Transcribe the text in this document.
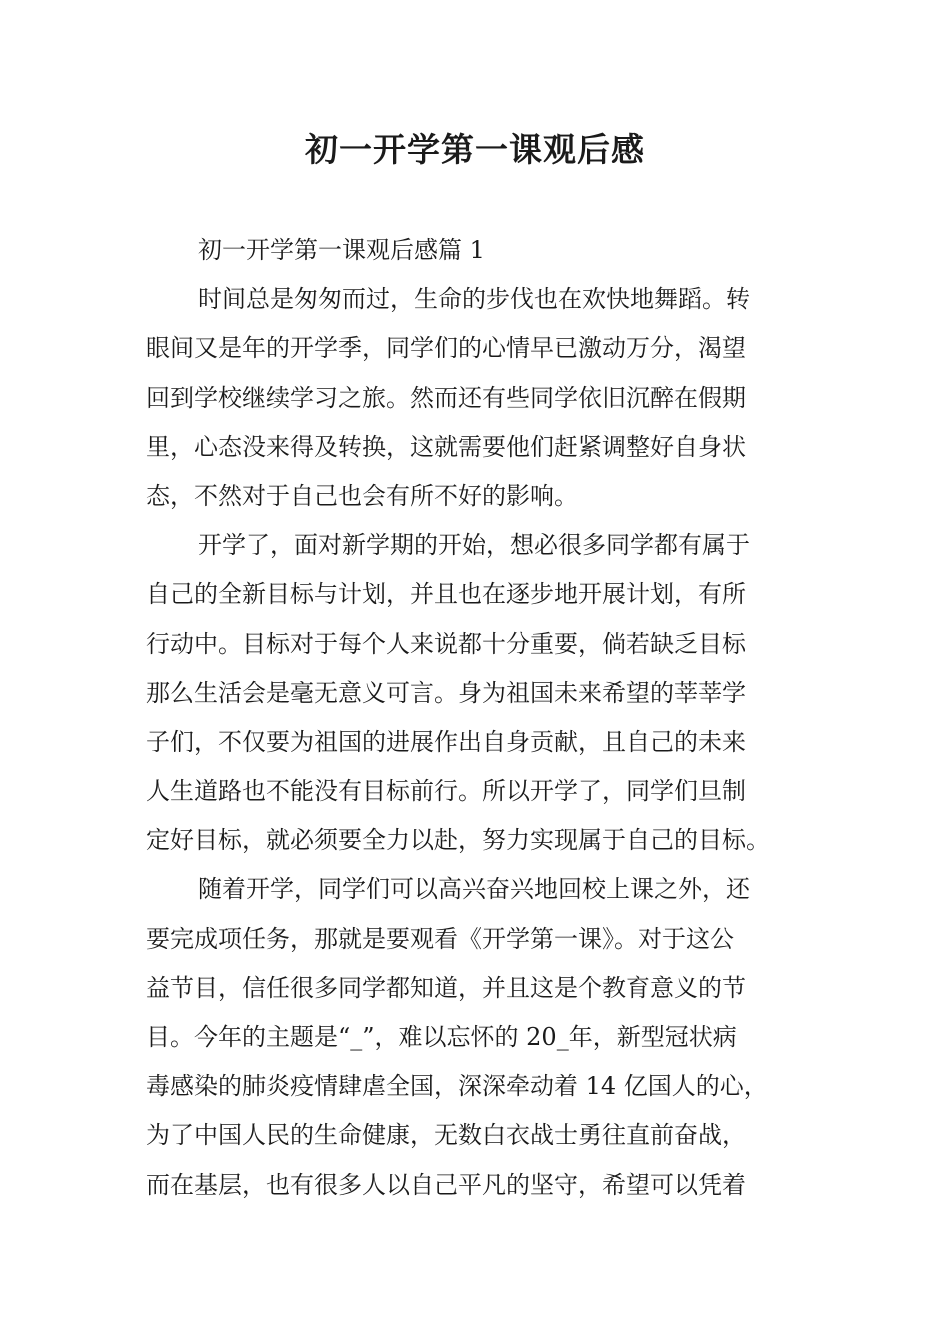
初一开学第一课观后感
初一开学第一课观后感篇 1
时间总是匆匆而过，生命的步伐也在欢快地舞蹈。转
眼间又是年的开学季，同学们的心情早已激动万分，渴望
回到学校继续学习之旅。然而还有些同学依旧沉醉在假期
里，心态没来得及转换，这就需要他们赶紧调整好自身状
态，不然对于自己也会有所不好的影响。
开学了，面对新学期的开始，想必很多同学都有属于
自己的全新目标与计划，并且也在逐步地开展计划，有所
行动中。目标对于每个人来说都十分重要，倘若缺乏目标
那么生活会是毫无意义可言。身为祖国未来希望的莘莘学
子们，不仅要为祖国的进展作出自身贡献，且自己的未来
人生道路也不能没有目标前行。所以开学了，同学们旦制
定好目标，就必须要全力以赴，努力实现属于自己的目标。
随着开学，同学们可以高兴奋兴地回校上课之外，还
要完成项任务，那就是要观看《开学第一课》。对于这公
益节目，信任很多同学都知道，并且这是个教育意义的节
目。今年的主题是“_”，难以忘怀的 20_年，新型冠状病
毒感染的肺炎疫情肆虐全国，深深牵动着 14 亿国人的心，
为了中国人民的生命健康，无数白衣战士勇往直前奋战，
而在基层，也有很多人以自己平凡的坚守，希望可以凭着
